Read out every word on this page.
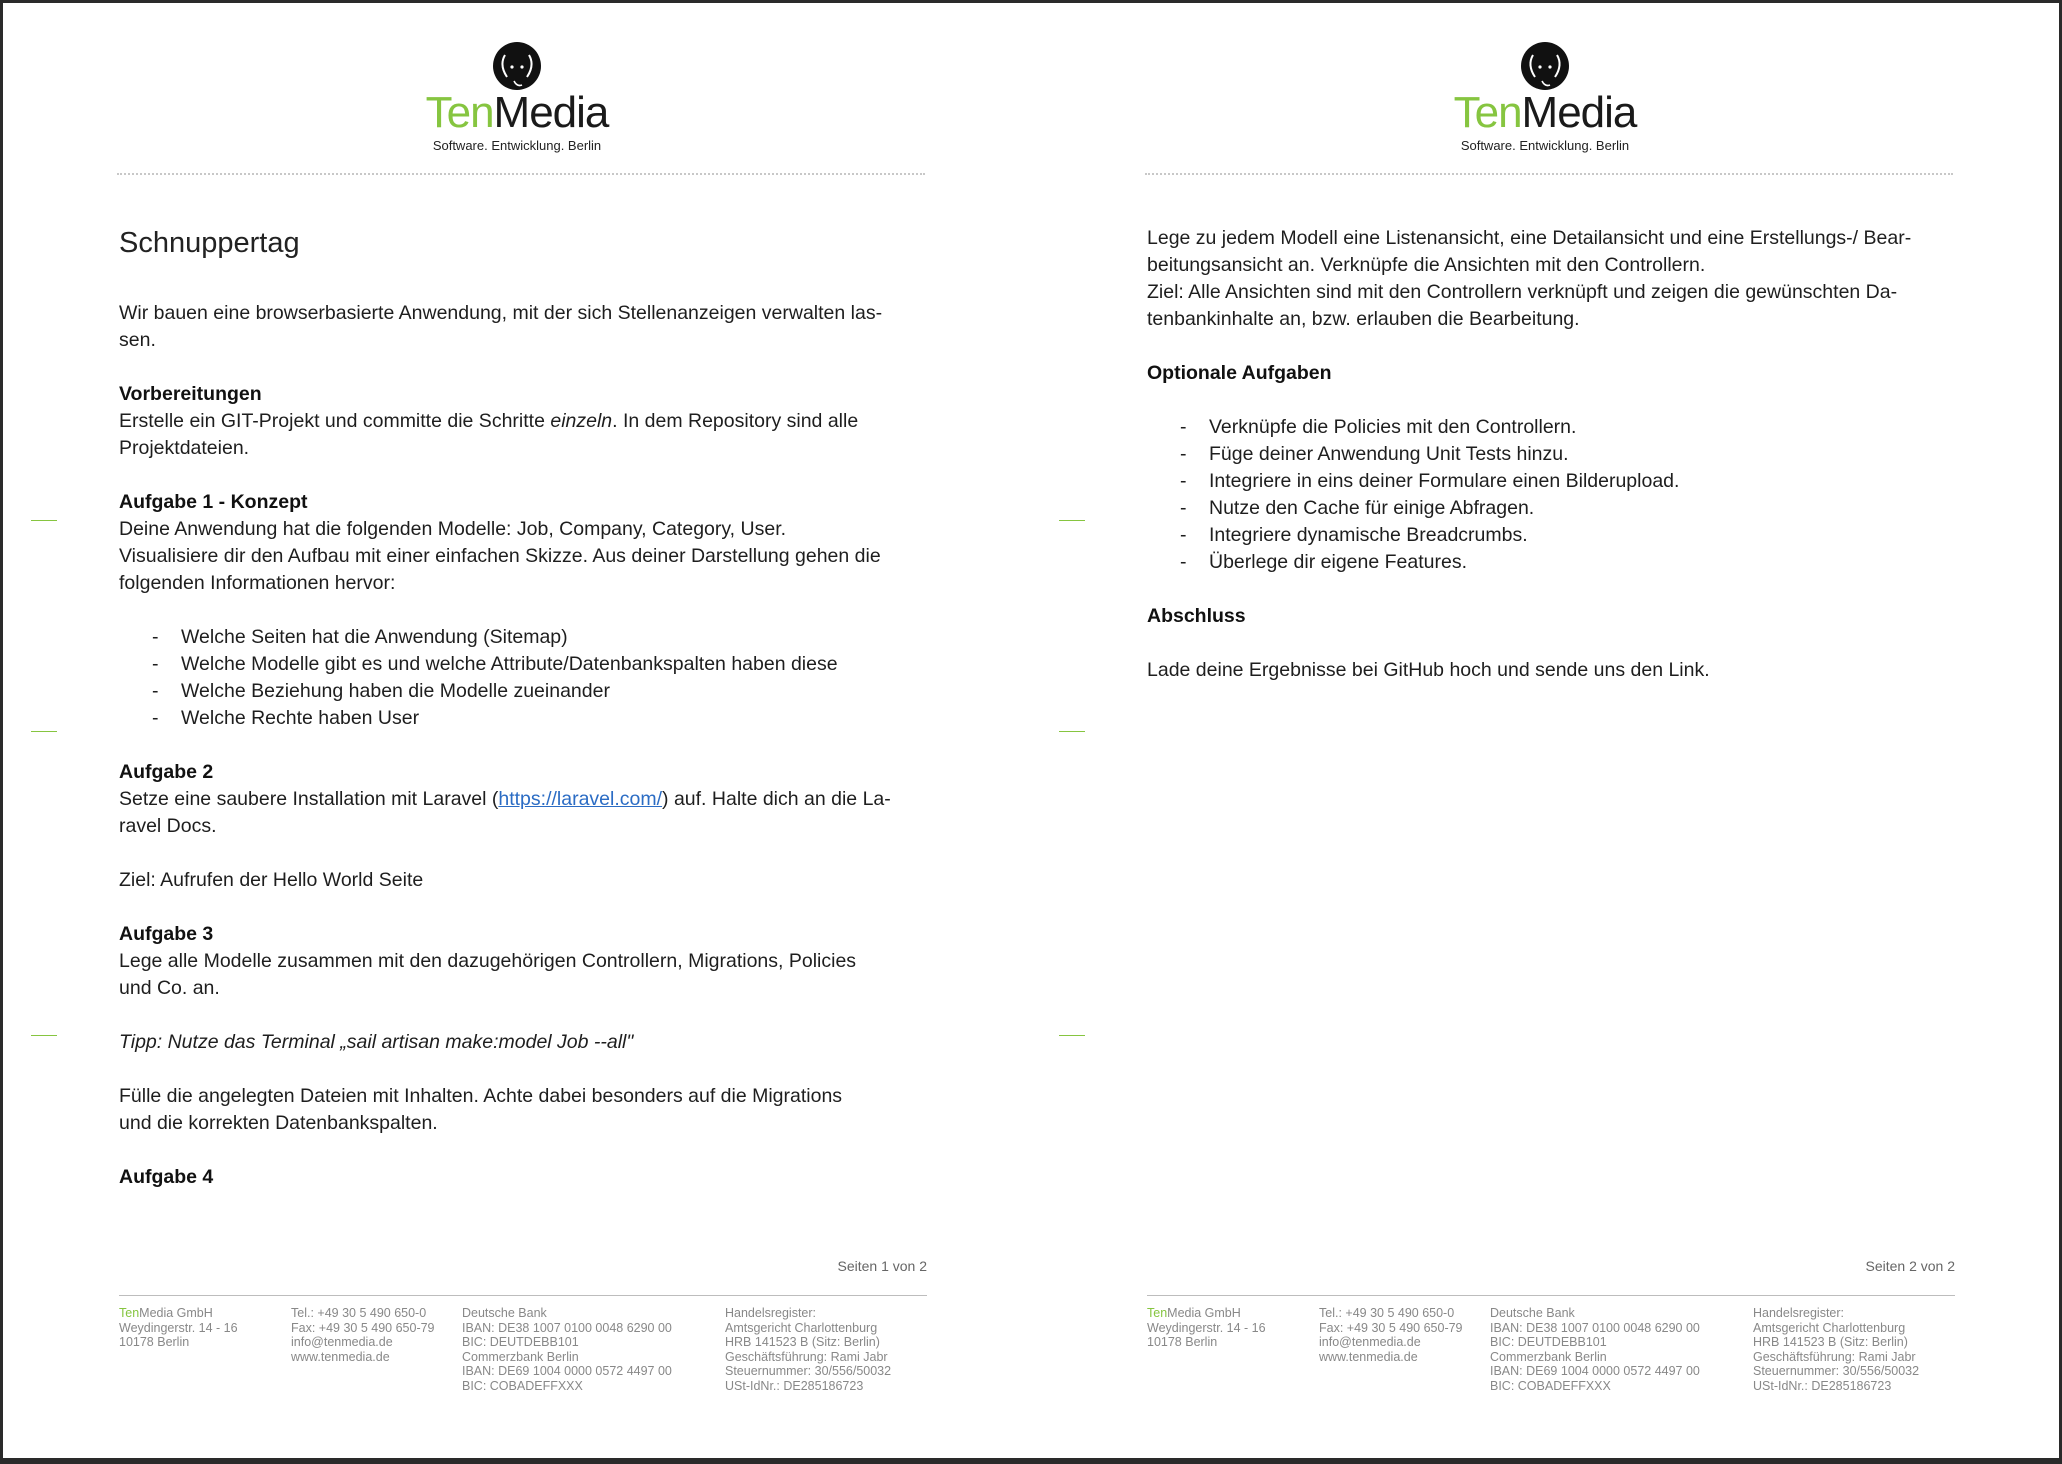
TenMedia
Software. Entwicklung. Berlin
Schnuppertag

Wir bauen eine browserbasierte Anwendung, mit der sich Stellenanzeigen verwalten las-

sen.

Vorbereitungen

Erstelle ein GIT-Projekt und committe die Schritte einzeln. In dem Repository sind alle

Projektdateien.

Aufgabe 1 - Konzept

Deine Anwendung hat die folgenden Modelle: Job, Company, Category, User.

Visualisiere dir den Aufbau mit einer einfachen Skizze. Aus deiner Darstellung gehen die

folgenden Informationen hervor:

- Welche Seiten hat die Anwendung (Sitemap)
- Welche Modelle gibt es und welche Attribute/Datenbankspalten haben diese
- Welche Beziehung haben die Modelle zueinander
- Welche Rechte haben User

Aufgabe 2

Setze eine saubere Installation mit Laravel (https://laravel.com/) auf. Halte dich an die La-

ravel Docs.

Ziel: Aufrufen der Hello World Seite

Aufgabe 3

Lege alle Modelle zusammen mit den dazugehörigen Controllern, Migrations, Policies

und Co. an.

Tipp: Nutze das Terminal „sail artisan make:model Job --all"

Fülle die angelegten Dateien mit Inhalten. Achte dabei besonders auf die Migrations

und die korrekten Datenbankspalten.

Aufgabe 4

Seiten 1 von 2
TenMedia GmbH
Weydingerstr. 14 - 16
10178 Berlin
Tel.: +49 30 5 490 650-0
Fax: +49 30 5 490 650-79
info@tenmedia.de
www.tenmedia.de
Deutsche Bank
IBAN: DE38 1007 0100 0048 6290 00
BIC: DEUTDEBB101
Commerzbank Berlin
IBAN: DE69 1004 0000 0572 4497 00
BIC: COBADEFFXXX
Handelsregister:
Amtsgericht Charlottenburg
HRB 141523 B (Sitz: Berlin)
Geschäftsführung: Rami Jabr
Steuernummer: 30/556/50032
USt-IdNr.: DE285186723
TenMedia
Software. Entwicklung. Berlin

Lege zu jedem Modell eine Listenansicht, eine Detailansicht und eine Erstellungs-/ Bear-

beitungsansicht an. Verknüpfe die Ansichten mit den Controllern.

Ziel: Alle Ansichten sind mit den Controllern verknüpft und zeigen die gewünschten Da-

tenbankinhalte an, bzw. erlauben die Bearbeitung.

Optionale Aufgaben

- Verknüpfe die Policies mit den Controllern.
- Füge deiner Anwendung Unit Tests hinzu.
- Integriere in eins deiner Formulare einen Bilderupload.
- Nutze den Cache für einige Abfragen.
- Integriere dynamische Breadcrumbs.
- Überlege dir eigene Features.

Abschluss

Lade deine Ergebnisse bei GitHub hoch und sende uns den Link.

Seiten 2 von 2
TenMedia GmbH
Weydingerstr. 14 - 16
10178 Berlin
Tel.: +49 30 5 490 650-0
Fax: +49 30 5 490 650-79
info@tenmedia.de
www.tenmedia.de
Deutsche Bank
IBAN: DE38 1007 0100 0048 6290 00
BIC: DEUTDEBB101
Commerzbank Berlin
IBAN: DE69 1004 0000 0572 4497 00
BIC: COBADEFFXXX
Handelsregister:
Amtsgericht Charlottenburg
HRB 141523 B (Sitz: Berlin)
Geschäftsführung: Rami Jabr
Steuernummer: 30/556/50032
USt-IdNr.: DE285186723
